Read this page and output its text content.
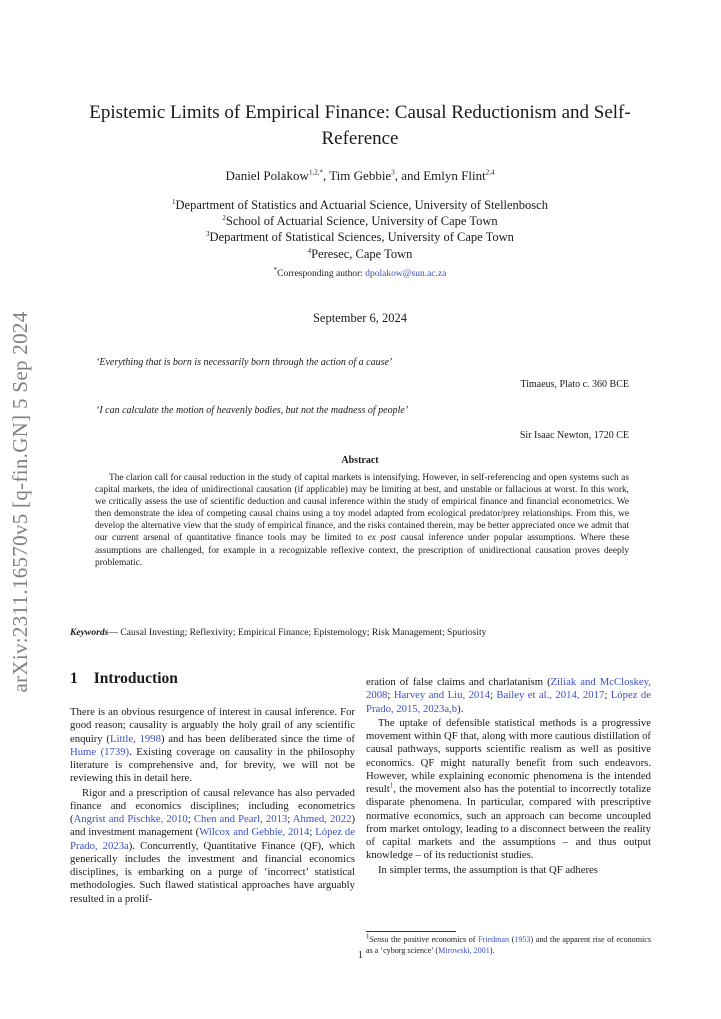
arXiv:2311.16570v5 [q-fin.GN] 5 Sep 2024
Epistemic Limits of Empirical Finance: Causal Reductionism and Self-Reference
Daniel Polakow$^{1,2,*}$, Tim Gebbie$^3$, and Emlyn Flint$^{2,4}$
$^1$Department of Statistics and Actuarial Science, University of Stellenbosch
$^2$School of Actuarial Science, University of Cape Town
$^3$Department of Statistical Sciences, University of Cape Town
$^4$Peresec, Cape Town
*Corresponding author: dpolakow@sun.ac.za
September 6, 2024
‘Everything that is born is necessarily born through the action of a cause’
Timaeus, Plato c. 360 BCE
‘I can calculate the motion of heavenly bodies, but not the madness of people’
Sir Isaac Newton, 1720 CE
Abstract
The clarion call for causal reduction in the study of capital markets is intensifying. However, in self-referencing and open systems such as capital markets, the idea of unidirectional causation (if applicable) may be limiting at best, and unstable or fallacious at worst. In this work, we critically assess the use of scientific deduction and causal inference within the study of empirical finance and financial econometrics. We then demonstrate the idea of competing causal chains using a toy model adapted from ecological predator/prey relationships. From this, we develop the alternative view that the study of empirical finance, and the risks contained therein, may be better appreciated once we admit that our current arsenal of quantitative finance tools may be limited to ex post causal inference under popular assumptions. Where these assumptions are challenged, for example in a recognizable reflexive context, the prescription of unidirectional causation proves deeply problematic.
Keywords— Causal Investing; Reflexivity; Empirical Finance; Epistemology; Risk Management; Spuriosity
1 Introduction

There is an obvious resurgence of interest in causal inference. For good reason; causality is arguably the holy grail of any scientific enquiry (Little, 1998) and has been deliberated since the time of Hume (1739). Existing coverage on causality in the philosophy literature is comprehensive and, for brevity, we will not be reviewing this in detail here.

Rigor and a prescription of causal relevance has also pervaded finance and economics disciplines; including econometrics (Angrist and Pischke, 2010; Chen and Pearl, 2013; Ahmed, 2022) and investment management (Wilcox and Gebbie, 2014; López de Prado, 2023a). Concurrently, Quantitative Finance (QF), which generically includes the investment and financial economics disciplines, is embarking on a purge of ‘incorrect’ statistical methodologies. Such flawed statistical approaches have arguably resulted in a prolif-

eration of false claims and charlatanism (Ziliak and McCloskey, 2008; Harvey and Liu, 2014; Bailey et al., 2014, 2017; López de Prado, 2015, 2023a,b).

The uptake of defensible statistical methods is a progressive movement within QF that, along with more cautious distillation of causal pathways, supports scientific realism as well as positive economics. QF might naturally benefit from such endeavors. However, while explaining economic phenomena is the intended result$^1$, the movement also has the potential to incorrectly totalize disparate phenomena. In particular, compared with prescriptive normative economics, such an approach can become uncoupled from market ontology, leading to a disconnect between the reality of capital markets and the assumptions – and thus output knowledge – of its reductionist studies.

In simpler terms, the assumption is that QF adheres

$^1$Sensu the positive economics of Friedman (1953) and the apparent rise of economics as a ‘cyborg science’ (Mirowski, 2001).
1
